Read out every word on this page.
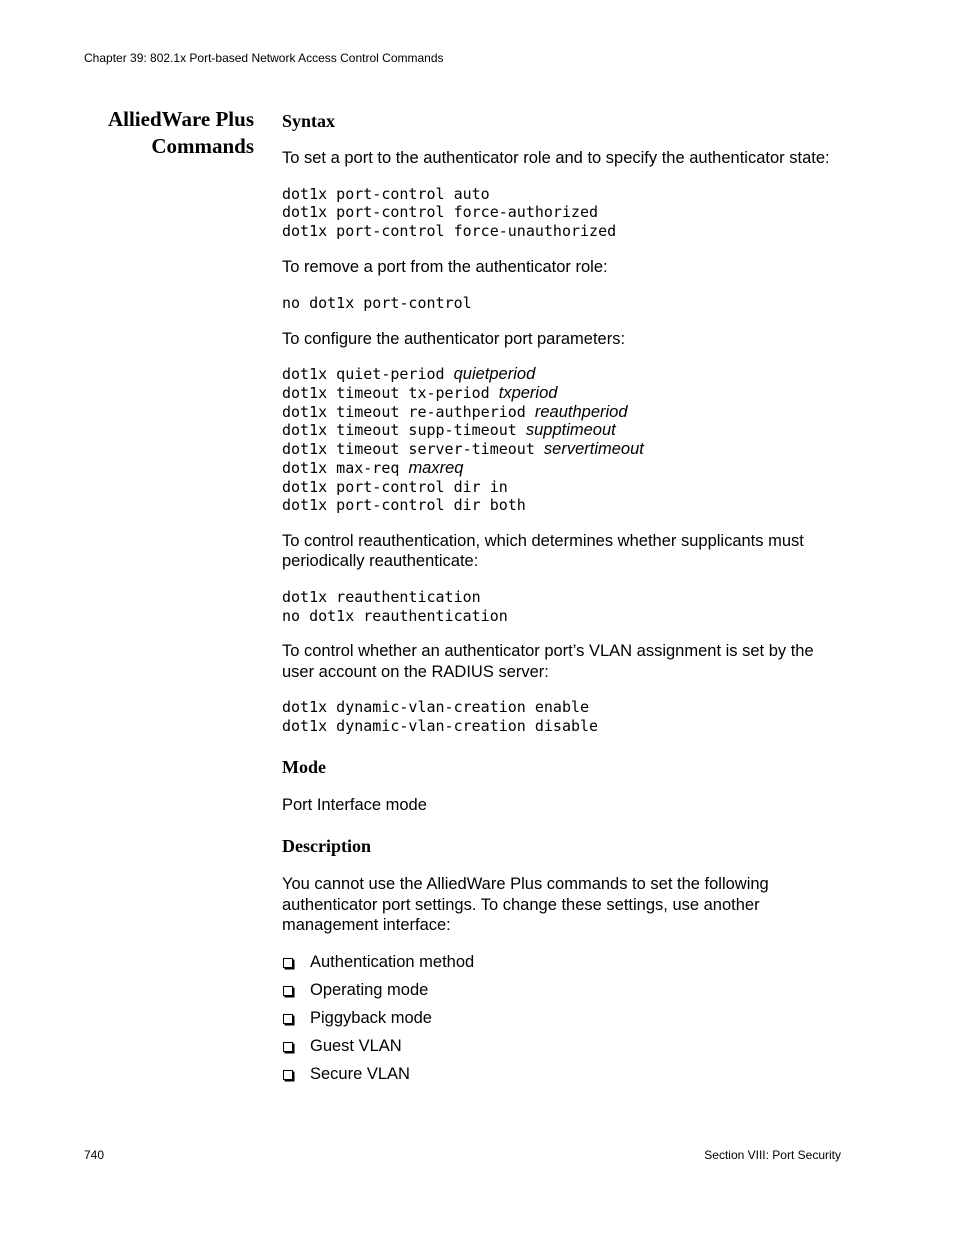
Chapter 39: 802.1x Port-based Network Access Control Commands
AlliedWare Plus
Commands
Syntax

To set a port to the authenticator role and to specify the authenticator state:

dot1x port-control auto
dot1x port-control force-authorized
dot1x port-control force-unauthorized

To remove a port from the authenticator role:

no dot1x port-control

To configure the authenticator port parameters:

dot1x quiet-period quietperiod
dot1x timeout tx-period txperiod
dot1x timeout re-authperiod reauthperiod
dot1x timeout supp-timeout supptimeout
dot1x timeout server-timeout servertimeout
dot1x max-req maxreq
dot1x port-control dir in
dot1x port-control dir both

To control reauthentication, which determines whether supplicants must periodically reauthenticate:

dot1x reauthentication
no dot1x reauthentication

To control whether an authenticator port’s VLAN assignment is set by the user account on the RADIUS server:

dot1x dynamic-vlan-creation enable
dot1x dynamic-vlan-creation disable
Mode

Port Interface mode

Description

You cannot use the AlliedWare Plus commands to set the following authenticator port settings. To change these settings, use another management interface:

Authentication method
Operating mode
Piggyback mode
Guest VLAN
Secure VLAN
740	Section VIII: Port Security
